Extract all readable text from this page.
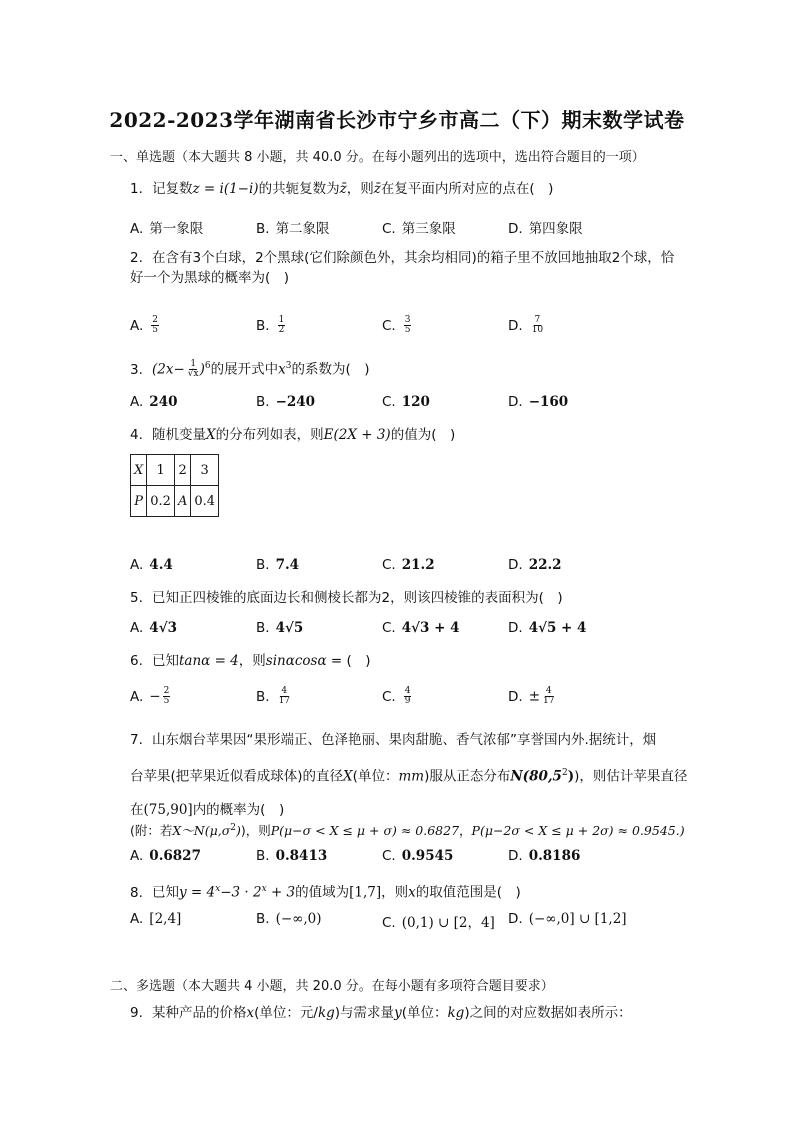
2022-2023学年湖南省长沙市宁乡市高二（下）期末数学试卷
一、单选题（本大题共 8 小题，共 40.0 分。在每小题列出的选项中，选出符合题目的一项）
1. 记复数z = i(1−i)的共轭复数为z̄，则z̄在复平面内所对应的点在( )
A. 第一象限	B. 第二象限	C. 第三象限	D. 第四象限
2. 在含有3个白球，2个黑球(它们除颜色外，其余均相同)的箱子里不放回地抽取2个球，恰
好一个为黑球的概率为( )
A. $\frac{2}{5}$	B. $\frac{1}{2}$	C. $\frac{3}{5}$	D. $\frac{7}{10}$
3. $(2x- \frac{1}{√x} )^6$的展开式中$x^3$的系数为( )
A. 240	B. −240	C. 120	D. −160
4. 随机变量X的分布列如表，则E(2X + 3)的值为( )
X	1	2	3
P	0.2	A	0.4
A. 4.4	B. 7.4	C. 21.2	D. 22.2
5. 已知正四棱锥的底面边长和侧棱长都为2，则该四棱锥的表面积为( )
A. 4√3	B. 4√5	C. 4√3 + 4	D. 4√5 + 4
6. 已知tanα = 4，则sinαcosα = ( )
A. − $\frac{2}{5}$	B. $\frac{4}{17}$	C. $\frac{4}{9}$	D. ± $\frac{4}{17}$
7. 山东烟台苹果因“果形端正、色泽艳丽、果肉甜脆、香气浓郁”享誉国内外.据统计，烟
台苹果(把苹果近似看成球体)的直径X(单位：mm)服从正态分布N(80,5$^2$))，则估计苹果直径
在(75,90]内的概率为( )
(附：若$X\sim N(\mu,\sigma^2)$)，则P(μ−σ < X ≤ μ + σ) ≈ 0.6827，P(μ−2σ < X ≤ μ + 2σ) ≈ 0.9545.)
A. 0.6827	B. 0.8413	C. 0.9545	D. 0.8186
8. 已知$y = 4^x-3 \cdot 2^x + 3$的值域为[1,7]，则x的取值范围是( )
A. [2,4]	B. (−∞,0)	C. (0,1) ∪ [2，4] D. (−∞,0] ∪ [1,2]
二、多选题（本大题共 4 小题，共 20.0 分。在每小题有多项符合题目要求）
9. 某种产品的价格x(单位：元/kg)与需求量y(单位：kg)之间的对应数据如表所示：
